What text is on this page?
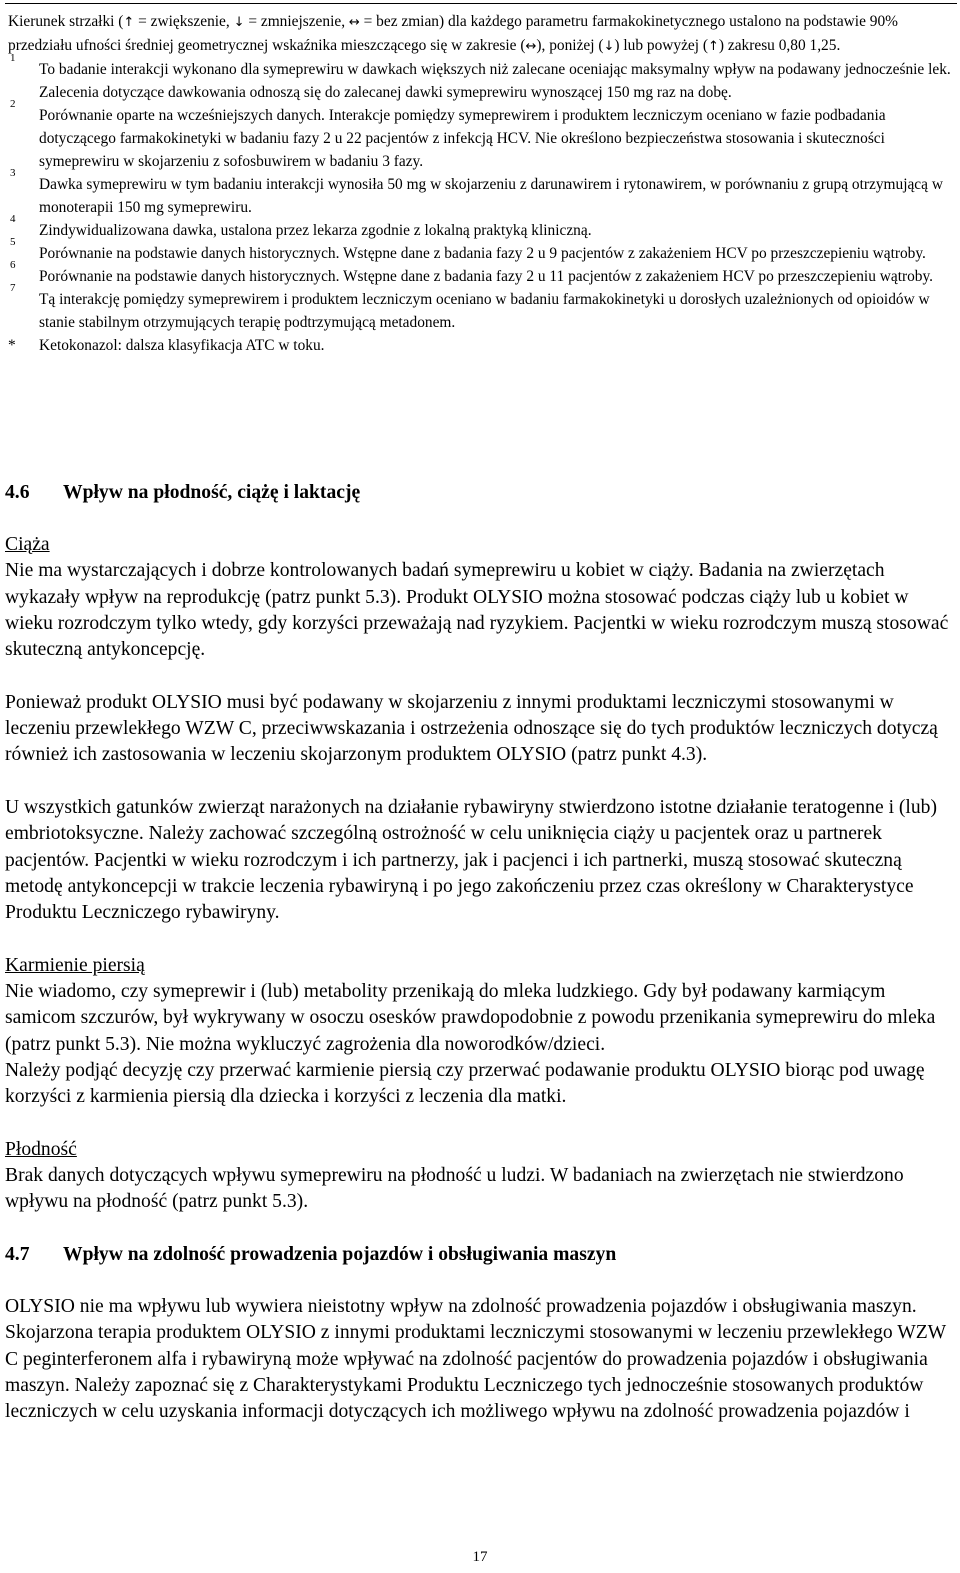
Kierunek strzałki (↑ = zwiększenie, ↓ = zmniejszenie, ↔ = bez zmian) dla każdego parametru farmakokinetycznego ustalono na podstawie 90% przedziału ufności średniej geometrycznej wskaźnika mieszczącego się w zakresie (↔), poniżej (↓) lub powyżej (↑) zakresu 0,80 1,25.

1
To badanie interakcji wykonano dla symeprewiru w dawkach większych niż zalecane oceniając maksymalny wpływ na podawany jednocześnie lek. Zalecenia dotyczące dawkowania odnoszą się do zalecanej dawki symeprewiru wynoszącej 150 mg raz na dobę.
2
Porównanie oparte na wcześniejszych danych. Interakcje pomiędzy symeprewirem i produktem leczniczym oceniano w fazie podbadania dotyczącego farmakokinetyki w badaniu fazy 2 u 22 pacjentów z infekcją HCV. Nie określono bezpieczeństwa stosowania i skuteczności symeprewiru w skojarzeniu z sofosbuwirem w badaniu 3 fazy.
3
Dawka symeprewiru w tym badaniu interakcji wynosiła 50 mg w skojarzeniu z darunawirem i rytonawirem, w porównaniu z grupą otrzymującą w monoterapii 150 mg symeprewiru.
4
Zindywidualizowana dawka, ustalona przez lekarza zgodnie z lokalną praktyką kliniczną.
5
Porównanie na podstawie danych historycznych. Wstępne dane z badania fazy 2 u 9 pacjentów z zakażeniem HCV po przeszczepieniu wątroby.
6
Porównanie na podstawie danych historycznych. Wstępne dane z badania fazy 2 u 11 pacjentów z zakażeniem HCV po przeszczepieniu wątroby.
7
Tą interakcję pomiędzy symeprewirem i produktem leczniczym oceniano w badaniu farmakokinetyki u dorosłych uzależnionych od opioidów w stanie stabilnym otrzymujących terapię podtrzymującą metadonem.
* Ketokonazol: dalsza klasyfikacja ATC w toku.

4.6 Wpływ na płodność, ciążę i laktację

Ciąża

Nie ma wystarczających i dobrze kontrolowanych badań symeprewiru u kobiet w ciąży. Badania na zwierzętach wykazały wpływ na reprodukcję (patrz punkt 5.3). Produkt OLYSIO można stosować podczas ciąży lub u kobiet w wieku rozrodczym tylko wtedy, gdy korzyści przeważają nad ryzykiem. Pacjentki w wieku rozrodczym muszą stosować skuteczną antykoncepcję.

Ponieważ produkt OLYSIO musi być podawany w skojarzeniu z innymi produktami leczniczymi stosowanymi w leczeniu przewlekłego WZW C, przeciwwskazania i ostrzeżenia odnoszące się do tych produktów leczniczych dotyczą również ich zastosowania w leczeniu skojarzonym produktem OLYSIO (patrz punkt 4.3).

U wszystkich gatunków zwierząt narażonych na działanie rybawiryny stwierdzono istotne działanie teratogenne i (lub) embriotoksyczne. Należy zachować szczególną ostrożność w celu uniknięcia ciąży u pacjentek oraz u partnerek pacjentów. Pacjentki w wieku rozrodczym i ich partnerzy, jak i pacjenci i ich partnerki, muszą stosować skuteczną metodę antykoncepcji w trakcie leczenia rybawiryną i po jego zakończeniu przez czas określony w Charakterystyce Produktu Leczniczego rybawiryny.

Karmienie piersią

Nie wiadomo, czy symeprewir i (lub) metabolity przenikają do mleka ludzkiego. Gdy był podawany karmiącym samicom szczurów, był wykrywany w osoczu osesków prawdopodobnie z powodu przenikania symeprewiru do mleka (patrz punkt 5.3). Nie można wykluczyć zagrożenia dla noworodków/dzieci.

Należy podjąć decyzję czy przerwać karmienie piersią czy przerwać podawanie produktu OLYSIO biorąc pod uwagę korzyści z karmienia piersią dla dziecka i korzyści z leczenia dla matki.

Płodność

Brak danych dotyczących wpływu symeprewiru na płodność u ludzi. W badaniach na zwierzętach nie stwierdzono wpływu na płodność (patrz punkt 5.3).

4.7 Wpływ na zdolność prowadzenia pojazdów i obsługiwania maszyn

OLYSIO nie ma wpływu lub wywiera nieistotny wpływ na zdolność prowadzenia pojazdów i obsługiwania maszyn. Skojarzona terapia produktem OLYSIO z innymi produktami leczniczymi stosowanymi w leczeniu przewlekłego WZW C peginterferonem alfa i rybawiryną może wpływać na zdolność pacjentów do prowadzenia pojazdów i obsługiwania maszyn. Należy zapoznać się z Charakterystykami Produktu Leczniczego tych jednocześnie stosowanych produktów leczniczych w celu uzyskania informacji dotyczących ich możliwego wpływu na zdolność prowadzenia pojazdów i

17
